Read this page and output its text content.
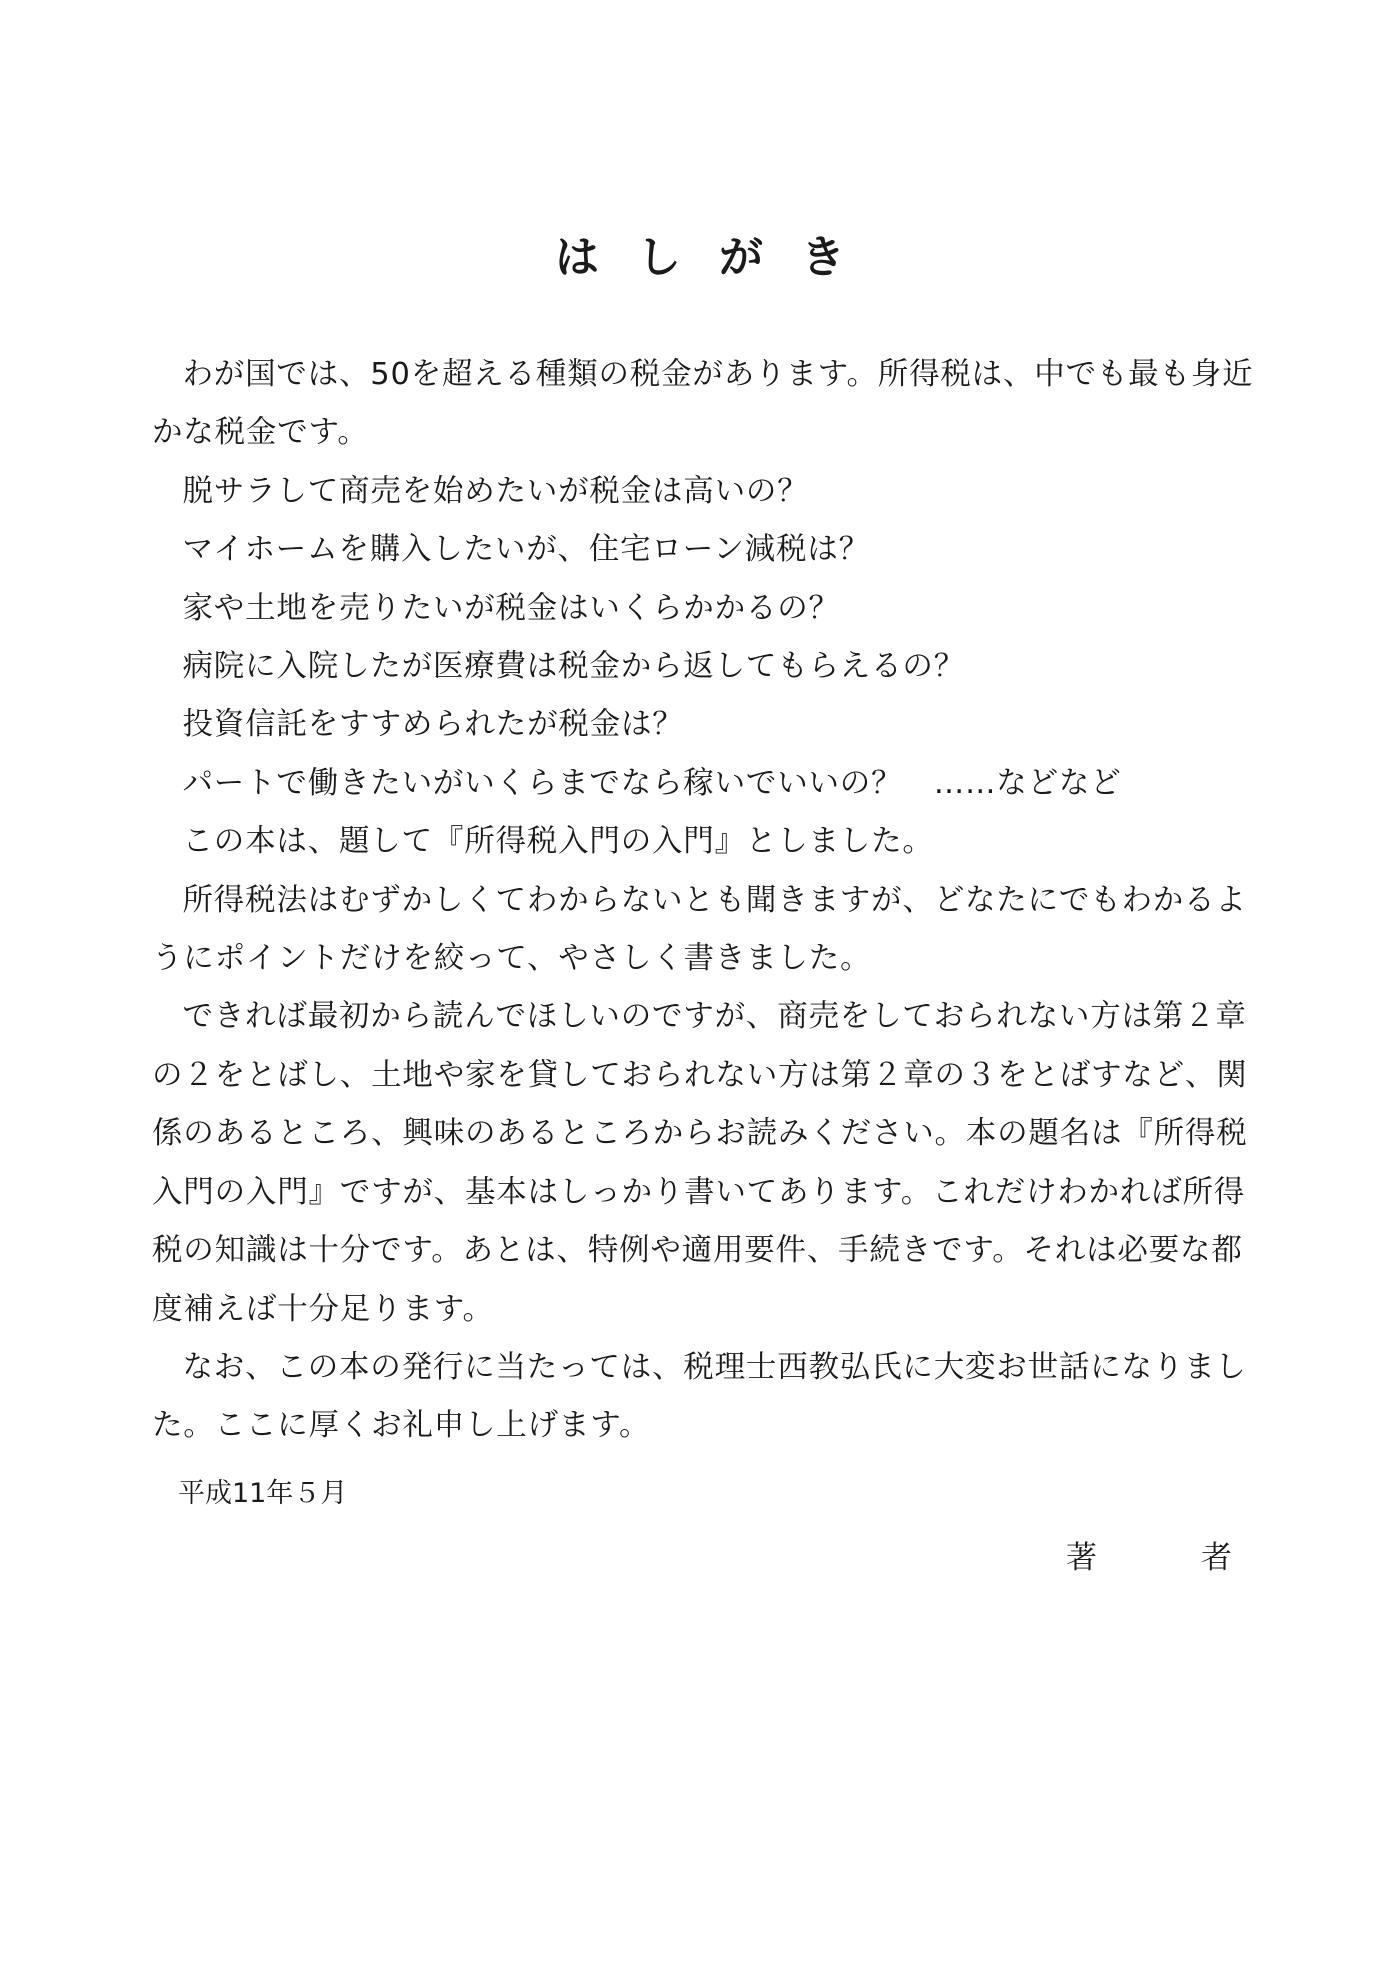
はしがき

わが国では、50を超える種類の税金があります。所得税は、中でも最も身近かな税金です。

脱サラして商売を始めたいが税金は高いの？

マイホームを購入したいが、住宅ローン減税は？

家や土地を売りたいが税金はいくらかかるの？

病院に入院したが医療費は税金から返してもらえるの？

投資信託をすすめられたが税金は？

パートで働きたいがいくらまでなら稼いでいいの？　……などなど

この本は、題して『所得税入門の入門』としました。

所得税法はむずかしくてわからないとも聞きますが、どなたにでもわかるようにポイントだけを絞って、やさしく書きました。

できれば最初から読んでほしいのですが、商売をしておられない方は第２章の２をとばし、土地や家を貸しておられない方は第２章の３をとばすなど、関係のあるところ、興味のあるところからお読みください。本の題名は『所得税入門の入門』ですが、基本はしっかり書いてあります。これだけわかれば所得税の知識は十分です。あとは、特例や適用要件、手続きです。それは必要な都度補えば十分足ります。

なお、この本の発行に当たっては、税理士西教弘氏に大変お世話になりました。ここに厚くお礼申し上げます。

平成11年５月
著者
